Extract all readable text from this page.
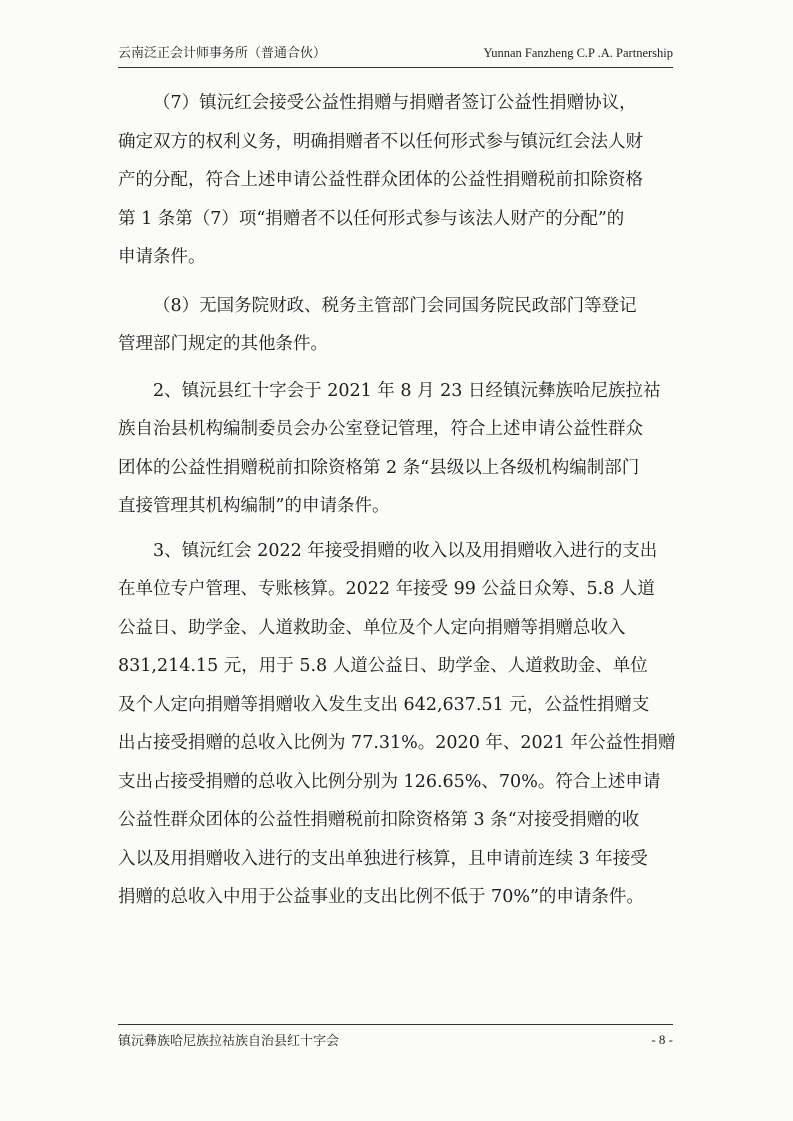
云南泛正会计师事务所（普通合伙）	Yunnan Fanzheng C.P .A. Partnership
（7）镇沅红会接受公益性捐赠与捐赠者签订公益性捐赠协议，
确定双方的权利义务，明确捐赠者不以任何形式参与镇沅红会法人财
产的分配，符合上述申请公益性群众团体的公益性捐赠税前扣除资格
第 1 条第（7）项“捐赠者不以任何形式参与该法人财产的分配”的
申请条件。
（8）无国务院财政、税务主管部门会同国务院民政部门等登记
管理部门规定的其他条件。
2、镇沅县红十字会于 2021 年 8 月 23 日经镇沅彝族哈尼族拉祜
族自治县机构编制委员会办公室登记管理，符合上述申请公益性群众
团体的公益性捐赠税前扣除资格第 2 条“县级以上各级机构编制部门
直接管理其机构编制”的申请条件。
3、镇沅红会 2022 年接受捐赠的收入以及用捐赠收入进行的支出
在单位专户管理、专账核算。2022 年接受 99 公益日众筹、5.8 人道
公益日、助学金、人道救助金、单位及个人定向捐赠等捐赠总收入
831,214.15 元，用于 5.8 人道公益日、助学金、人道救助金、单位
及个人定向捐赠等捐赠收入发生支出 642,637.51 元，公益性捐赠支
出占接受捐赠的总收入比例为 77.31%。2020 年、2021 年公益性捐赠
支出占接受捐赠的总收入比例分别为 126.65%、70%。符合上述申请
公益性群众团体的公益性捐赠税前扣除资格第 3 条“对接受捐赠的收
入以及用捐赠收入进行的支出单独进行核算，且申请前连续 3 年接受
捐赠的总收入中用于公益事业的支出比例不低于 70%”的申请条件。
镇沅彝族哈尼族拉祜族自治县红十字会	- 8 -
